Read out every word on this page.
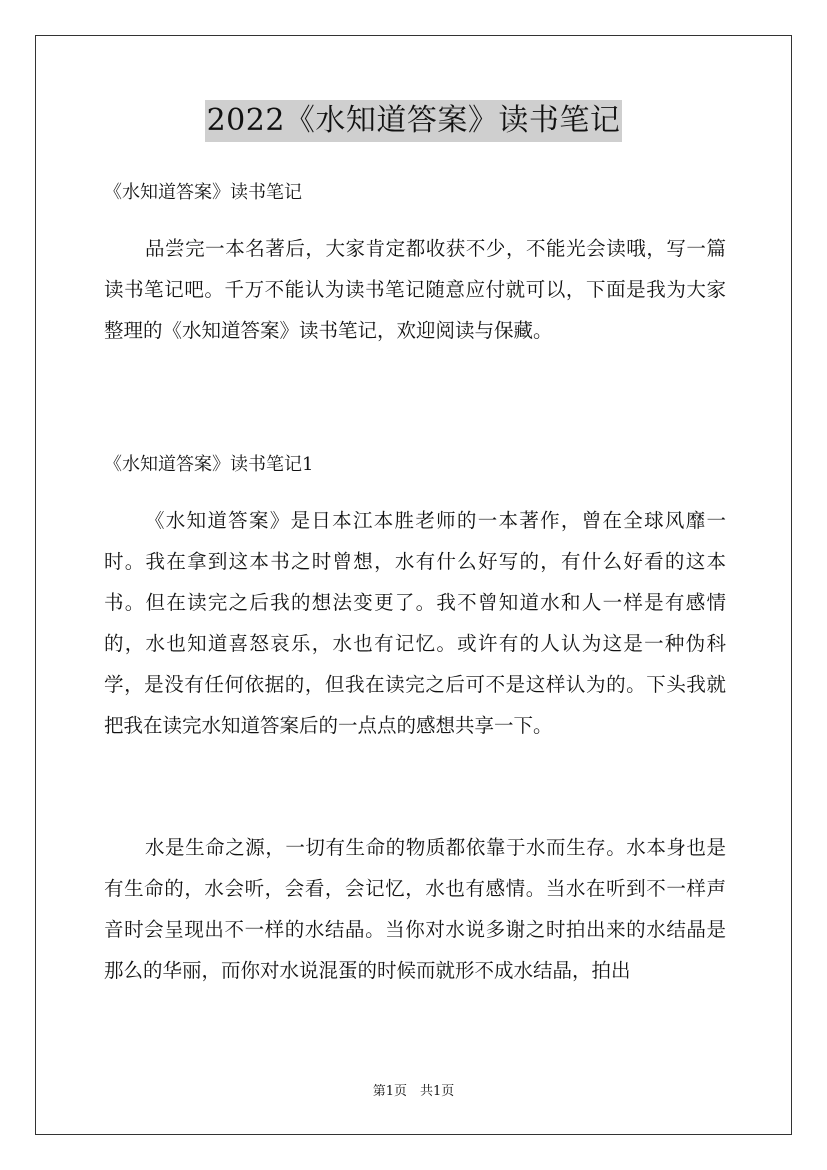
2022《水知道答案》读书笔记
《水知道答案》读书笔记

品尝完一本名著后，大家肯定都收获不少，不能光会读哦，写一篇读书笔记吧。千万不能认为读书笔记随意应付就可以，下面是我为大家整理的《水知道答案》读书笔记，欢迎阅读与保藏。

《水知道答案》读书笔记1

《水知道答案》是日本江本胜老师的一本著作，曾在全球风靡一时。我在拿到这本书之时曾想，水有什么好写的，有什么好看的这本书。但在读完之后我的想法变更了。我不曾知道水和人一样是有感情的，水也知道喜怒哀乐，水也有记忆。或许有的人认为这是一种伪科学，是没有任何依据的，但我在读完之后可不是这样认为的。下头我就把我在读完水知道答案后的一点点的感想共享一下。

水是生命之源，一切有生命的物质都依靠于水而生存。水本身也是有生命的，水会听，会看，会记忆，水也有感情。当水在听到不一样声音时会呈现出不一样的水结晶。当你对水说多谢之时拍出来的水结晶是那么的华丽，而你对水说混蛋的时候而就形不成水结晶，拍出

第1页　共1页
